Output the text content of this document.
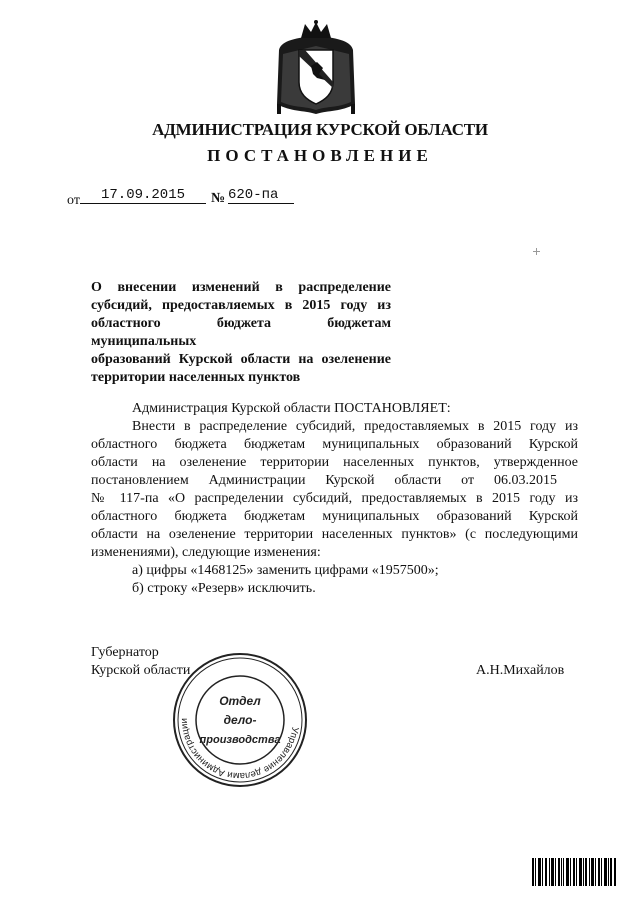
АДМИНИСТРАЦИЯ КУРСКОЙ ОБЛАСТИ
ПОСТАНОВЛЕНИЕ
от	17.09.2015	№ 620-па
О внесении изменений в распределение
субсидий, предоставляемых в 2015 году из
областного бюджета бюджетам муниципальных
образований Курской области на озеленение
территории населенных пунктов
Администрация Курской области ПОСТАНОВЛЯЕТ:
Внести в распределение субсидий, предоставляемых в 2015 году из
областного бюджета бюджетам муниципальных образований Курской
области на озеленение территории населенных пунктов, утвержденное
постановлением Администрации Курской области от 06.03.2015
№ 117-па «О распределении субсидий, предоставляемых в 2015 году из
областного бюджета бюджетам муниципальных образований Курской
области на озеленение территории населенных пунктов» (с последующими
изменениями), следующие изменения:
а) цифры «1468125» заменить цифрами «1957500»;
б) строку «Резерв» исключить.
Губернатор
Курской области	А.Н.Михайлов
Управление делами Администрации
Отдел
дело-
производства
